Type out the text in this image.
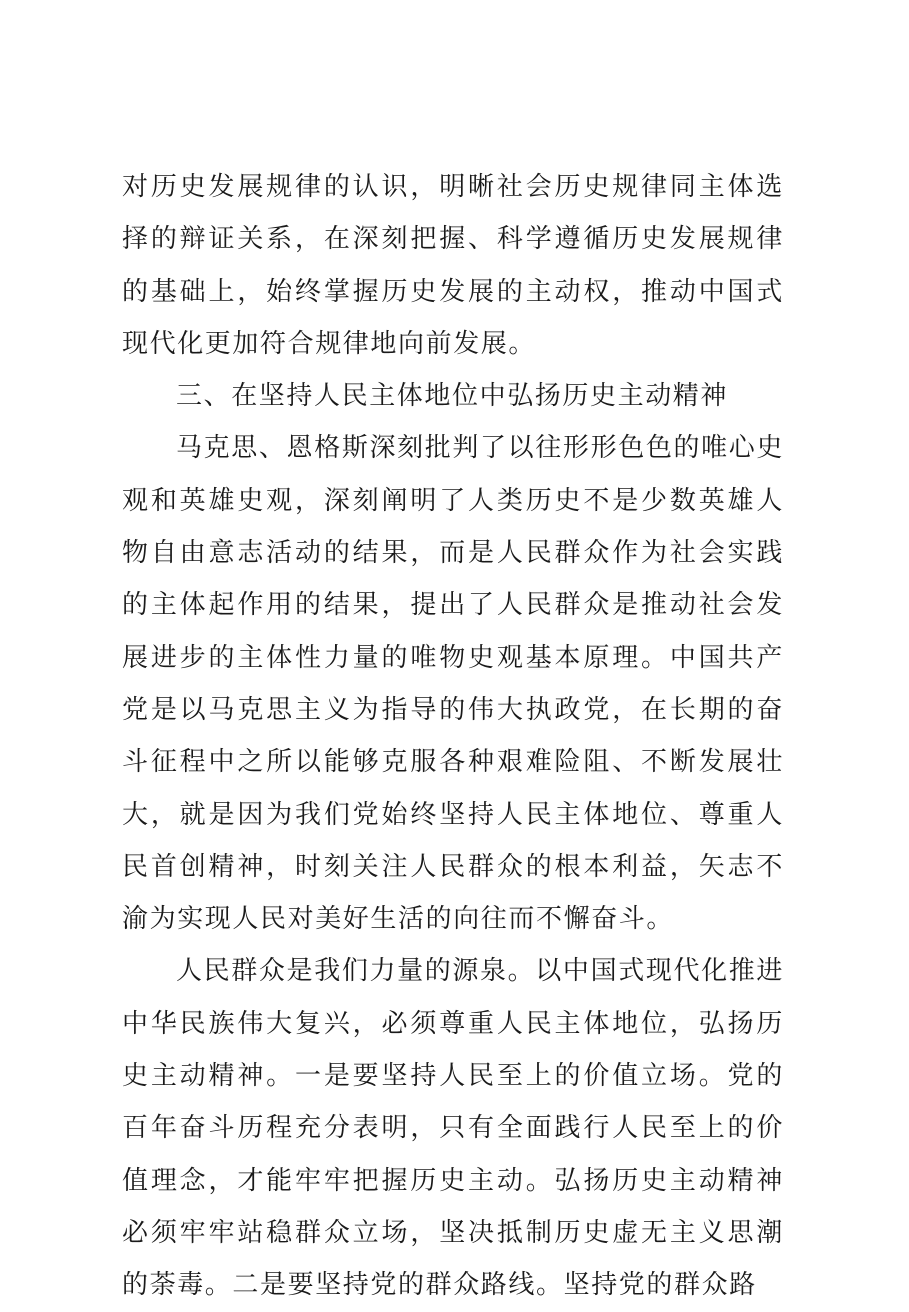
对历史发展规律的认识，明晰社会历史规律同主体选择的辩证关系，在深刻把握、科学遵循历史发展规律的基础上，始终掌握历史发展的主动权，推动中国式现代化更加符合规律地向前发展。

三、在坚持人民主体地位中弘扬历史主动精神

马克思、恩格斯深刻批判了以往形形色色的唯心史观和英雄史观，深刻阐明了人类历史不是少数英雄人物自由意志活动的结果，而是人民群众作为社会实践的主体起作用的结果，提出了人民群众是推动社会发展进步的主体性力量的唯物史观基本原理。中国共产党是以马克思主义为指导的伟大执政党，在长期的奋斗征程中之所以能够克服各种艰难险阻、不断发展壮大，就是因为我们党始终坚持人民主体地位、尊重人民首创精神，时刻关注人民群众的根本利益，矢志不渝为实现人民对美好生活的向往而不懈奋斗。

人民群众是我们力量的源泉。以中国式现代化推进中华民族伟大复兴，必须尊重人民主体地位，弘扬历史主动精神。一是要坚持人民至上的价值立场。党的百年奋斗历程充分表明，只有全面践行人民至上的价值理念，才能牢牢把握历史主动。弘扬历史主动精神必须牢牢站稳群众立场，坚决抵制历史虚无主义思潮的荼毒。二是要坚持党的群众路线。坚持党的群众路
